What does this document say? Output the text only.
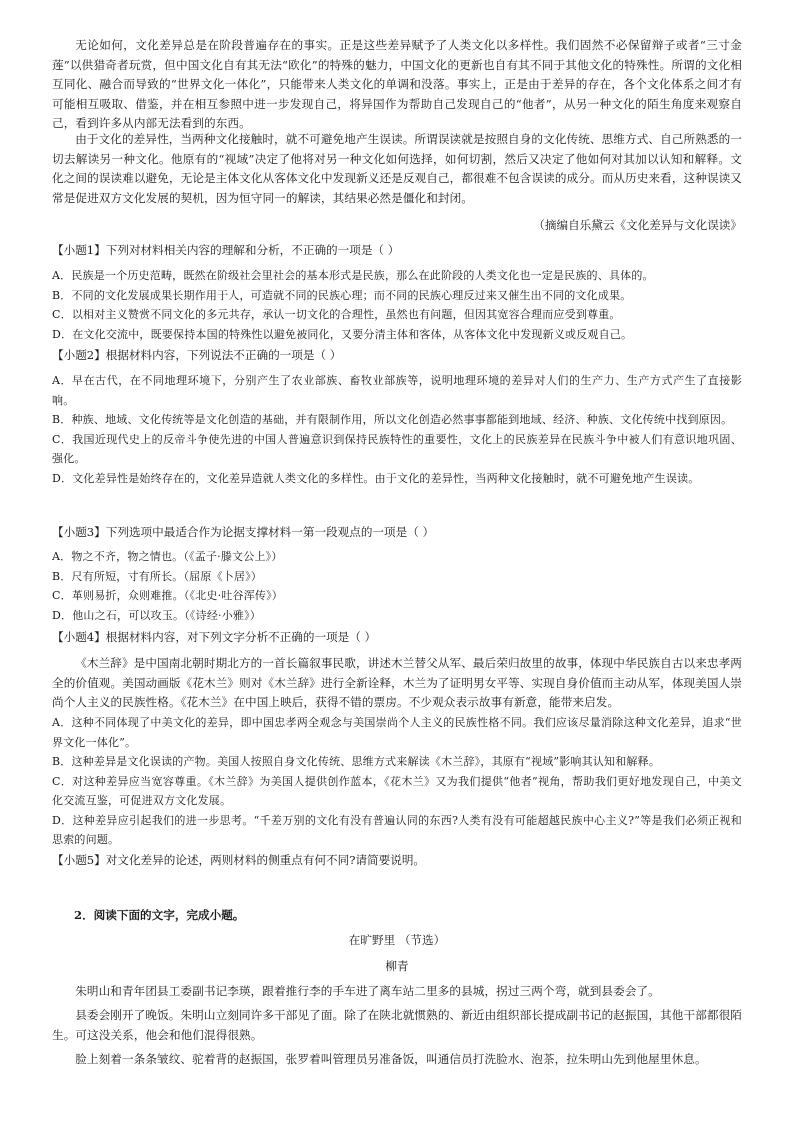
无论如何，文化差异总是在阶段普遍存在的事实。正是这些差异赋予了人类文化以多样性。我们固然不必保留辩子或者“三寸金莲”以供猎奇者玩赏，但中国文化自有其无法“欧化”的特殊的魅力，中国文化的更新也自有其不同于其他文化的特殊性。所谓的文化相互同化、融合而导致的“世界文化一体化”，只能带来人类文化的单调和没落。事实上，正是由于差异的存在，各个文化体系之间才有可能相互吸取、借鉴，并在相互参照中进一步发现自己，将异国作为帮助自己发现自己的“他者”，从另一种文化的陌生角度来观察自己，看到许多从内部无法看到的东西。

由于文化的差异性，当两种文化接触时，就不可避免地产生误读。所谓误读就是按照自身的文化传统、思维方式、自己所熟悉的一切去解读另一种文化。他原有的“视域”决定了他将对另一种文化如何选择，如何切割，然后又决定了他如何对其加以认知和解释。文化之间的误读难以避免，无论是主体文化从客体文化中发现新义还是反观自己，都很难不包含误读的成分。而从历史来看，这种误读又常是促进双方文化发展的契机，因为恒守同一的解读，其结果必然是僵化和封闭。

（摘编自乐黛云《文化差异与文化误读》

【小题1】下列对材料相关内容的理解和分析，不正确的一项是（ ）

A．民族是一个历史范畴，既然在阶级社会里社会的基本形式是民族，那么在此阶段的人类文化也一定是民族的、具体的。

B．不同的文化发展成果长期作用于人，可造就不同的民族心理；而不同的民族心理反过来又催生出不同的文化成果。

C．以相对主义赞赏不同文化的多元共存，承认一切文化的合理性，虽然也有问题，但因其宽容合理而应受到尊重。

D．在文化交流中，既要保持本国的特殊性以避免被同化，又要分清主体和客体，从客体文化中发现新义或反观自己。

【小题2】根据材料内容，下列说法不正确的一项是（ ）

A．早在古代，在不同地理环境下，分别产生了农业部族、畜牧业部族等，说明地理环境的差异对人们的生产力、生产方式产生了直接影响。

B．种族、地域、文化传统等是文化创造的基础，并有限制作用，所以文化创造必然事事都能到地域、经济、种族、文化传统中找到原因。

C．我国近现代史上的反帝斗争使先进的中国人普遍意识到保持民族特性的重要性，文化上的民族差异在民族斗争中被人们有意识地巩固、强化。

D．文化差异性是始终存在的，文化差异造就人类文化的多样性。由于文化的差异性，当两种文化接触时，就不可避免地产生误读。

【小题3】下列选项中最适合作为论据支撑材料一第一段观点的一项是（ ）

A．物之不齐，物之情也。（《孟子·滕文公上》）

B．尺有所短，寸有所长。（屈原《卜居》）

C．革则易折，众则难推。（《北史·吐谷浑传》）

D．他山之石，可以攻玉。（《诗经·小雅》）

【小题4】根据材料内容，对下列文字分析不正确的一项是（ ）

《木兰辞》是中国南北朝时期北方的一首长篇叙事民歌，讲述木兰替父从军、最后荣归故里的故事，体现中华民族自古以来忠孝两全的价值观。美国动画版《花木兰》则对《木兰辞》进行全新诠释，木兰为了证明男女平等、实现自身价值而主动从军，体现美国人崇尚个人主义的民族性格。《花木兰》在中国上映后，获得不错的票房。不少观众表示故事有新意，能带来启发。

A．这种不同体现了中美文化的差异，即中国忠孝两全观念与美国崇尚个人主义的民族性格不同。我们应该尽量消除这种文化差异，追求“世界文化一体化”。

B．这种差异是文化误读的产物。美国人按照自身文化传统、思维方式来解读《木兰辞》，其原有“视域”影响其认知和解释。

C．对这种差异应当宽容尊重。《木兰辞》为美国人提供创作蓝本，《花木兰》又为我们提供“他者”视角，帮助我们更好地发现自己，中美文化交流互鉴，可促进双方文化发展。

D．这种差异应引起我们的进一步思考。“千差万别的文化有没有普遍认同的东西?人类有没有可能超越民族中心主义?”等是我们必须正视和思索的问题。

【小题5】对文化差异的论述，两则材料的侧重点有何不同?请简要说明。

2．阅读下面的文字，完成小题。

在旷野里 （节选）

柳青

朱明山和青年团县工委副书记李瑛，跟着推行李的手车进了离车站二里多的县城，拐过三两个弯，就到县委会了。

县委会刚开了晚饭。朱明山立刻同许多干部见了面。除了在陕北就惯熟的、新近由组织部长提成副书记的赵振国，其他干部都很陌生。可这没关系，他会和他们混得很熟。

脸上刻着一条条皱纹、驼着背的赵振国，张罗着叫管理员另准备饭，叫通信员打洗脸水、泡茶，拉朱明山先到他屋里休息。
